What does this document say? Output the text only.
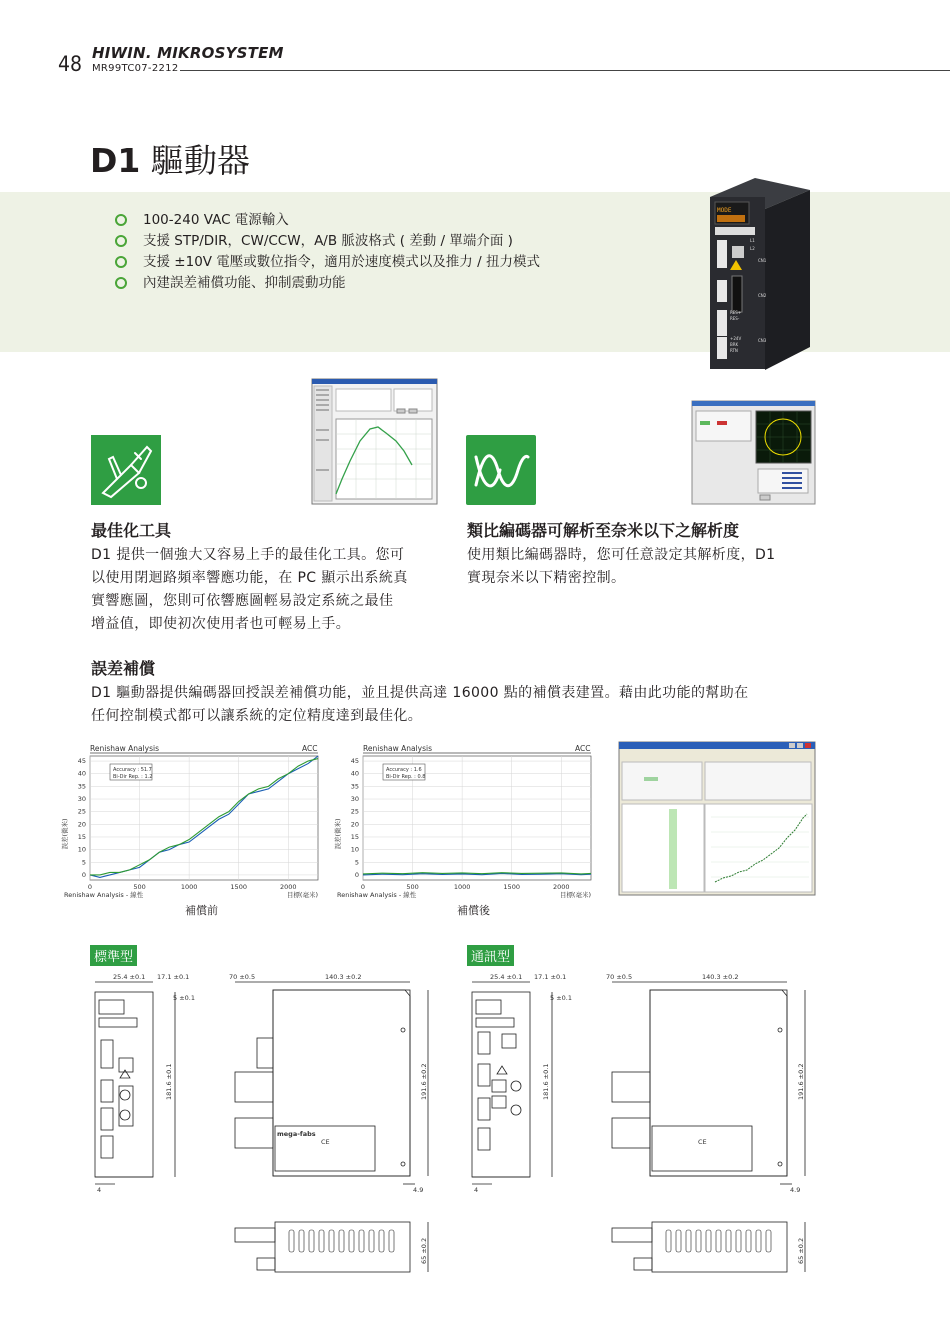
48 HIWIN. MIKROSYSTEM
MR99TC07-2212
D1 驅動器
100-240 VAC 電源輸入
支援 STP/DIR，CW/CCW，A/B 脈波格式 ( 差動 / 單端介面 )
支援 ±10V 電壓或數位指令，適用於速度模式以及推力 / 扭力模式
內建誤差補償功能、抑制震動功能
MODE
L1
L2
CN1
CN2
CN3
RES+
RES-
+24V
BRK
RTN
最佳化工具
D1 提供一個強大又容易上手的最佳化工具。您可
以使用閉迴路頻率響應功能，在 PC 顯示出系統真
實響應圖，您則可依響應圖輕易設定系統之最佳
增益值，即使初次使用者也可輕易上手。
類比編碼器可解析至奈米以下之解析度
使用類比編碼器時，您可任意設定其解析度，D1
實現奈米以下精密控制。
誤差補償
D1 驅動器提供編碼器回授誤差補償功能，並且提供高達 16000 點的補償表建置。藉由此功能的幫助在
任何控制模式都可以讓系統的定位精度達到最佳化。
Renishaw Analysis	ACC
誤差(微米)
Renishaw Analysis - 線性	目標(毫米)
0
5
10
15
20
25
30
35
40
45
0	500	1000	1500	2000
Accuracy : 51.7
Bi-Dir Rep. : 1.2
補償前
Renishaw Analysis	ACC
誤差(微米)
Renishaw Analysis - 線性	目標(毫米)
0
5
10
15
20
25
30
35
40
45
0	500	1000	1500	2000
Accuracy : 1.6
Bi-Dir Rep. : 0.8
補償後
標準型	通訊型
25.4 ±0.1 17.1 ±0.1
5 ±0.1
70 ±0.5	140.3 ±0.2
181.6 ±0.1	191.6 ±0.2
4	4.9
65 ±0.2
mega-fabs
CE
25.4 ±0.1 17.1 ±0.1
5 ±0.1
70 ±0.5	140.3 ±0.2
181.6 ±0.1	191.6 ±0.2
4	4.9
65 ±0.2
CE
